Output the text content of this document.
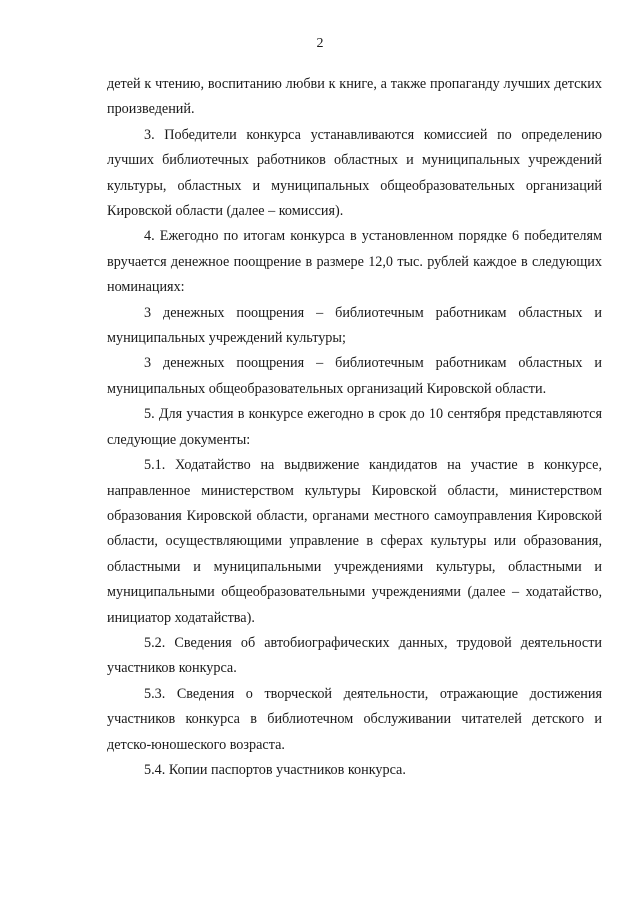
2

детей к чтению, воспитанию любви к книге, а также пропаганду лучших детских произведений.

3. Победители конкурса устанавливаются комиссией по определению лучших библиотечных работников областных и муниципальных учреждений культуры, областных и муниципальных общеобразовательных организаций Кировской области (далее – комиссия).

4. Ежегодно по итогам конкурса в установленном порядке 6 победителям вручается денежное поощрение в размере 12,0 тыс. рублей каждое в следующих номинациях:

3 денежных поощрения – библиотечным работникам областных и муниципальных учреждений культуры;

3 денежных поощрения – библиотечным работникам областных и муниципальных общеобразовательных организаций Кировской области.

5. Для участия в конкурсе ежегодно в срок до 10 сентября представляются следующие документы:

5.1. Ходатайство на выдвижение кандидатов на участие в конкурсе, направленное министерством культуры Кировской области, министерством образования Кировской области, органами местного самоуправления Кировской области, осуществляющими управление в сферах культуры или образования, областными и муниципальными учреждениями культуры, областными и муниципальными общеобразовательными учреждениями (далее – ходатайство, инициатор ходатайства).

5.2. Сведения об автобиографических данных, трудовой деятельности участников конкурса.

5.3. Сведения о творческой деятельности, отражающие достижения участников конкурса в библиотечном обслуживании читателей детского и детско-юношеского возраста.

5.4. Копии паспортов участников конкурса.
